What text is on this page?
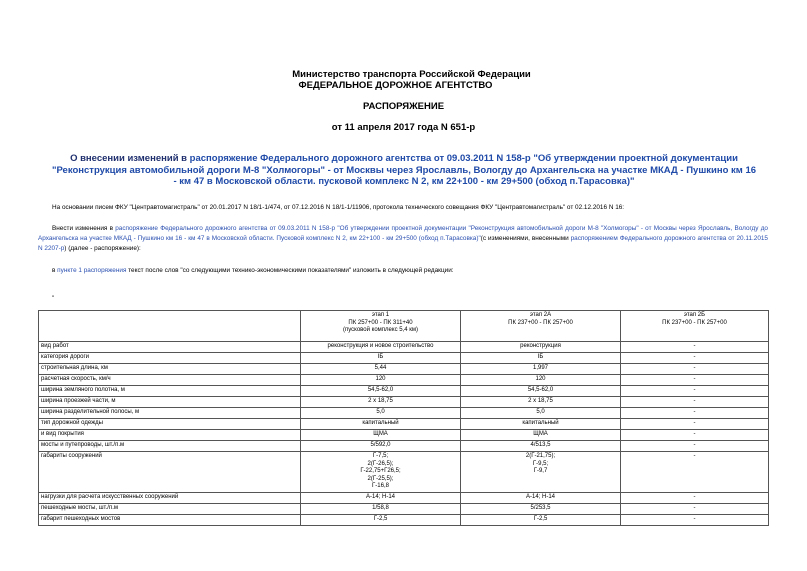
Министерство транспорта Российской Федерации
ФЕДЕРАЛЬНОЕ ДОРОЖНОЕ АГЕНТСТВО
РАСПОРЯЖЕНИЕ
от 11 апреля 2017 года N 651-р
О внесении изменений в распоряжение Федерального дорожного агентства от 09.03.2011 N 158-р "Об утверждении проектной документации "Реконструкция автомобильной дороги М-8 "Холмогоры" - от Москвы через Ярославль, Вологду до Архангельска на участке МКАД - Пушкино км 16 - км 47 в Московской области. пусковой комплекс N 2, км 22+100 - км 29+500 (обход п.Тарасовка)"
На основании писем ФКУ "Центравтомагистраль" от 20.01.2017 N 18/1-1/474, от 07.12.2016 N 18/1-1/11906, протокола технического совещания ФКУ "Центравтомагистраль" от 02.12.2016 N 16:
Внести изменения в распоряжение Федерального дорожного агентства от 09.03.2011 N 158-р "Об утверждении проектной документации "Реконструкция автомобильной дороги М-8 "Холмогоры" - от Москвы через Ярославль, Вологду до Архангельска на участке МКАД - Пушкино км 16 - км 47 в Московской области. Пусковой комплекс N 2, км 22+100 - км 29+500 (обход п.Тарасовка)"(с изменениями, внесенными распоряжением Федерального дорожного агентства от 20.11.2015 N 2207-р) (далее - распоряжение):
в пункте 1 распоряжения текст после слов "со следующими технико-экономическими показателями" изложить в следующей редакции:
"
	этап 1
ПК 257+00 - ПК 311+40
(пусковой комплекс 5,4 км)	этап 2А
ПК 237+00 - ПК 257+00	этап 2Б
ПК 237+00 - ПК 257+00
вид работ	реконструкция и новое строительство	реконструкция	-
категория дороги	IБ	IБ	-
строительная длина, км	5,44	1,997	-
расчетная скорость, км/ч	120	120	-
ширина земляного полотна, м	54,5-62,0	54,5-62,0	-
ширина проезжей части, м	2 х 18,75	2 х 18,75	-
ширина разделительной полосы, м	5,0	5,0	-
тип дорожной одежды	капитальный	капитальный	-
и вид покрытия	ЩМА	ЩМА	-
мосты и путепроводы, шт./п.м	5/592,0	4/513,5	-
габариты сооружений	Г-7,5;
2(Г-26,5);
Г-22,75+Г26,5;
2(Г-25,5);
Г-16,8	2(Г-21,75);
Г-9,5;
Г-9,7	-
нагрузки для расчета искусственных сооружений	А-14; Н-14	А-14; Н-14	-
пешеходные мосты, шт./п.м	1/58,8	5/253,5	-
габарит пешеходных мостов	Г-2,5	Г-2,5	-
